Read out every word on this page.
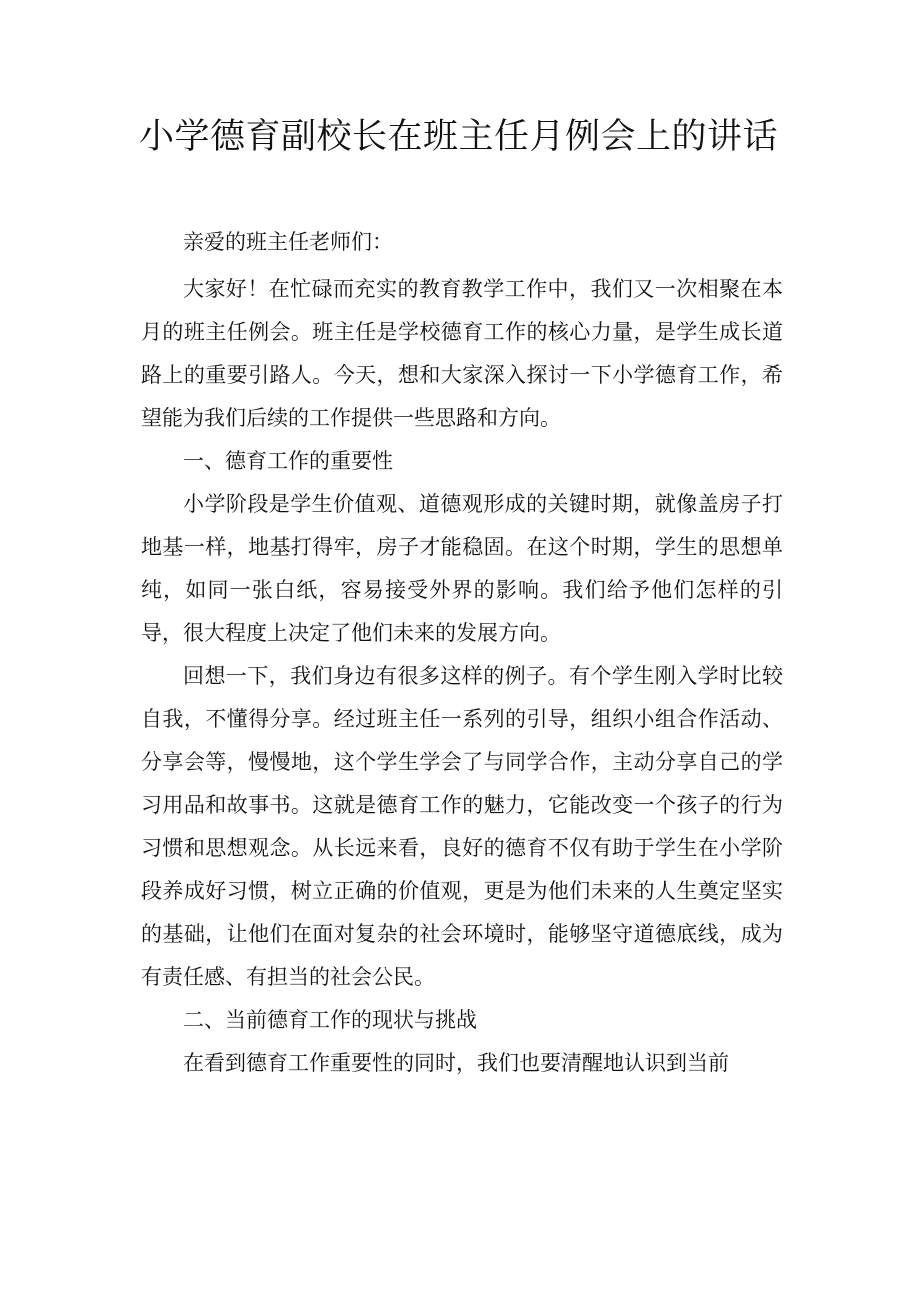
小学德育副校长在班主任月例会上的讲话

亲爱的班主任老师们：

大家好！在忙碌而充实的教育教学工作中，我们又一次相聚在本月的班主任例会。班主任是学校德育工作的核心力量，是学生成长道路上的重要引路人。今天，想和大家深入探讨一下小学德育工作，希望能为我们后续的工作提供一些思路和方向。

一、德育工作的重要性

小学阶段是学生价值观、道德观形成的关键时期，就像盖房子打地基一样，地基打得牢，房子才能稳固。在这个时期，学生的思想单纯，如同一张白纸，容易接受外界的影响。我们给予他们怎样的引导，很大程度上决定了他们未来的发展方向。

回想一下，我们身边有很多这样的例子。有个学生刚入学时比较自我，不懂得分享。经过班主任一系列的引导，组织小组合作活动、分享会等，慢慢地，这个学生学会了与同学合作，主动分享自己的学习用品和故事书。这就是德育工作的魅力，它能改变一个孩子的行为习惯和思想观念。从长远来看，良好的德育不仅有助于学生在小学阶段养成好习惯，树立正确的价值观，更是为他们未来的人生奠定坚实的基础，让他们在面对复杂的社会环境时，能够坚守道德底线，成为有责任感、有担当的社会公民。

二、当前德育工作的现状与挑战

在看到德育工作重要性的同时，我们也要清醒地认识到当前
